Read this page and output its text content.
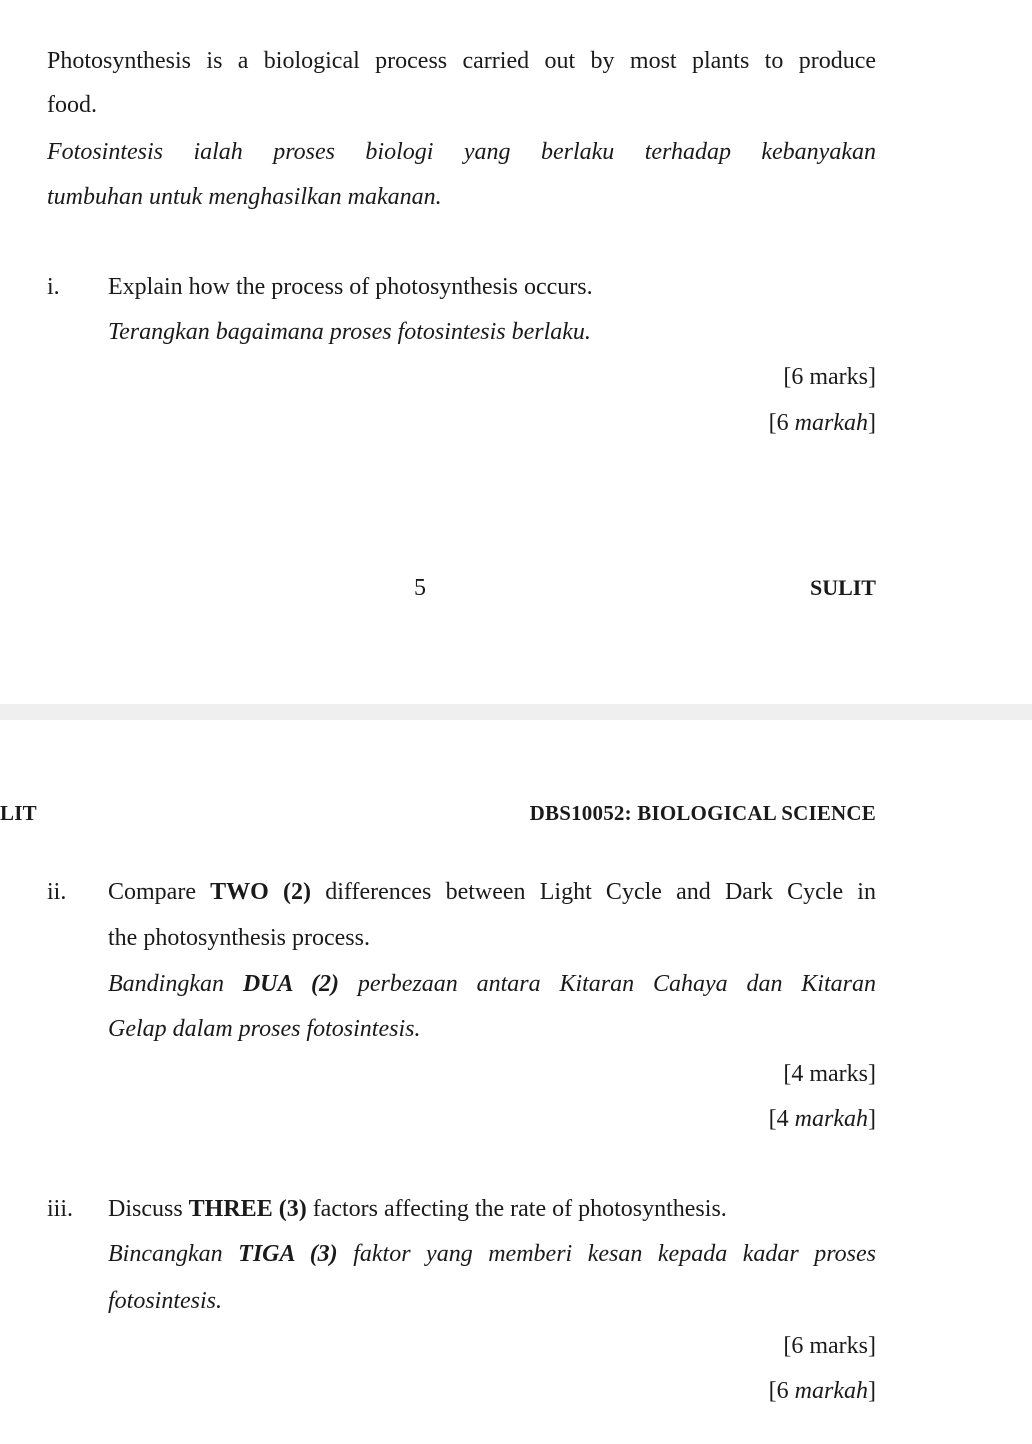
Photosynthesis is a biological process carried out by most plants to produce
food.
Fotosintesis ialah proses biologi yang berlaku terhadap kebanyakan
tumbuhan untuk menghasilkan makanan.
i. Explain how the process of photosynthesis occurs.
Terangkan bagaimana proses fotosintesis berlaku.
[6 marks]
[6 markah]
5	SULIT
LIT	DBS10052: BIOLOGICAL SCIENCE
ii. Compare TWO (2) differences between Light Cycle and Dark Cycle in
the photosynthesis process.
Bandingkan DUA (2) perbezaan antara Kitaran Cahaya dan Kitaran
Gelap dalam proses fotosintesis.
[4 marks]
[4 markah]
iii. Discuss THREE (3) factors affecting the rate of photosynthesis.
Bincangkan TIGA (3) faktor yang memberi kesan kepada kadar proses
fotosintesis.
[6 marks]
[6 markah]
